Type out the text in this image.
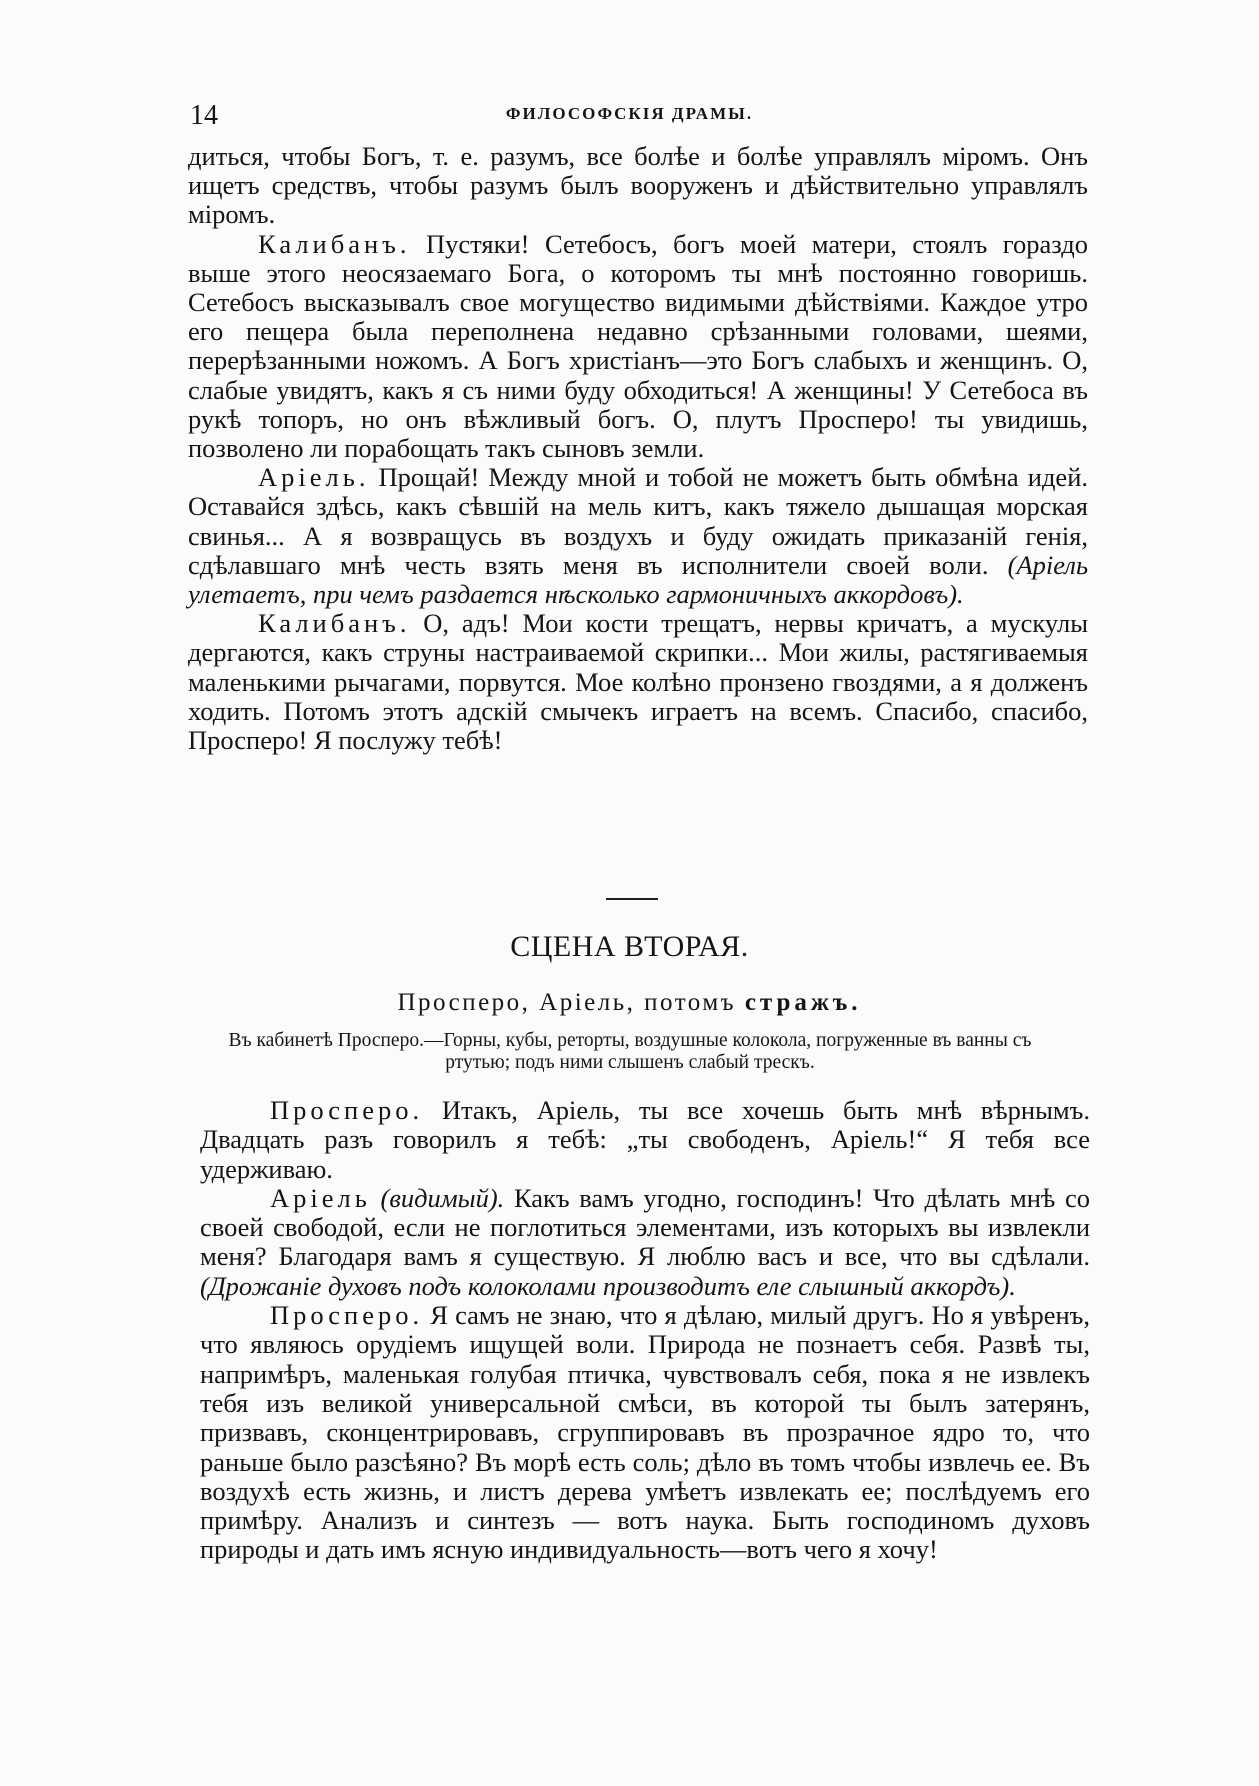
14	ФИЛОСОФСКІЯ ДРАМЫ.

диться, чтобы Богъ, т. е. разумъ, все болѣе и болѣе управлялъ міромъ. Онъ ищетъ средствъ, чтобы разумъ былъ вооруженъ и дѣйствительно управлялъ міромъ.

Калибанъ. Пустяки! Сетебосъ, богъ моей матери, стоялъ гораздо выше этого неосязаемаго Бога, о которомъ ты мнѣ постоянно говоришь. Сетебосъ высказывалъ свое могущество видимыми дѣйствіями. Каждое утро его пещера была переполнена недавно срѣзанными головами, шеями, перерѣзанными ножомъ. А Богъ христіанъ—это Богъ слабыхъ и женщинъ. О, слабые увидятъ, какъ я съ ними буду обходиться! А женщины! У Сетебоса въ рукѣ топоръ, но онъ вѣжливый богъ. О, плутъ Просперо! ты увидишь, позволено ли порабощать такъ сыновъ земли.

Аріель. Прощай! Между мной и тобой не можетъ быть обмѣна идей. Оставайся здѣсь, какъ сѣвшій на мель китъ, какъ тяжело дышащая морская свинья... А я возвращусь въ воздухъ и буду ожидать приказаній генія, сдѣлавшаго мнѣ честь взять меня въ исполнители своей воли. (Аріель улетаетъ, при чемъ раздается нѣсколько гармоничныхъ аккордовъ).

Калибанъ. О, адъ! Мои кости трещатъ, нервы кричатъ, а мускулы дергаются, какъ струны настраиваемой скрипки... Мои жилы, растягиваемыя маленькими рычагами, порвутся. Мое колѣно пронзено гвоздями, а я долженъ ходить. Потомъ этотъ адскій смычекъ играетъ на всемъ. Спасибо, спасибо, Просперо! Я послужу тебѣ!

СЦЕНА ВТОРАЯ.
Просперо, Аріель, потомъ стражъ.
Въ кабинетѣ Просперо.—Горны, кубы, реторты, воздушные колокола, погруженные въ ванны съ ртутью; подъ ними слышенъ слабый трескъ.

Просперо. Итакъ, Аріель, ты все хочешь быть мнѣ вѣрнымъ. Двадцать разъ говорилъ я тебѣ: „ты свободенъ, Аріель!“ Я тебя все удерживаю.

Аріель (видимый). Какъ вамъ угодно, господинъ! Что дѣлать мнѣ со своей свободой, если не поглотиться элементами, изъ которыхъ вы извлекли меня? Благодаря вамъ я существую. Я люблю васъ и все, что вы сдѣлали. (Дрожаніе духовъ подъ колоколами производитъ еле слышный аккордъ).

Просперо. Я самъ не знаю, что я дѣлаю, милый другъ. Но я увѣренъ, что являюсь орудіемъ ищущей воли. Природа не познаетъ себя. Развѣ ты, напримѣръ, маленькая голубая птичка, чувствовалъ себя, пока я не извлекъ тебя изъ великой универсальной смѣси, въ которой ты былъ затерянъ, призвавъ, сконцентрировавъ, сгруппировавъ въ прозрачное ядро то, что раньше было разсѣяно? Въ морѣ есть соль; дѣло въ томъ чтобы извлечь ее. Въ воздухѣ есть жизнь, и листъ дерева умѣетъ извлекать ее; послѣдуемъ его примѣру. Анализъ и синтезъ — вотъ наука. Быть господиномъ духовъ природы и дать имъ ясную индивидуальность—вотъ чего я хочу!
